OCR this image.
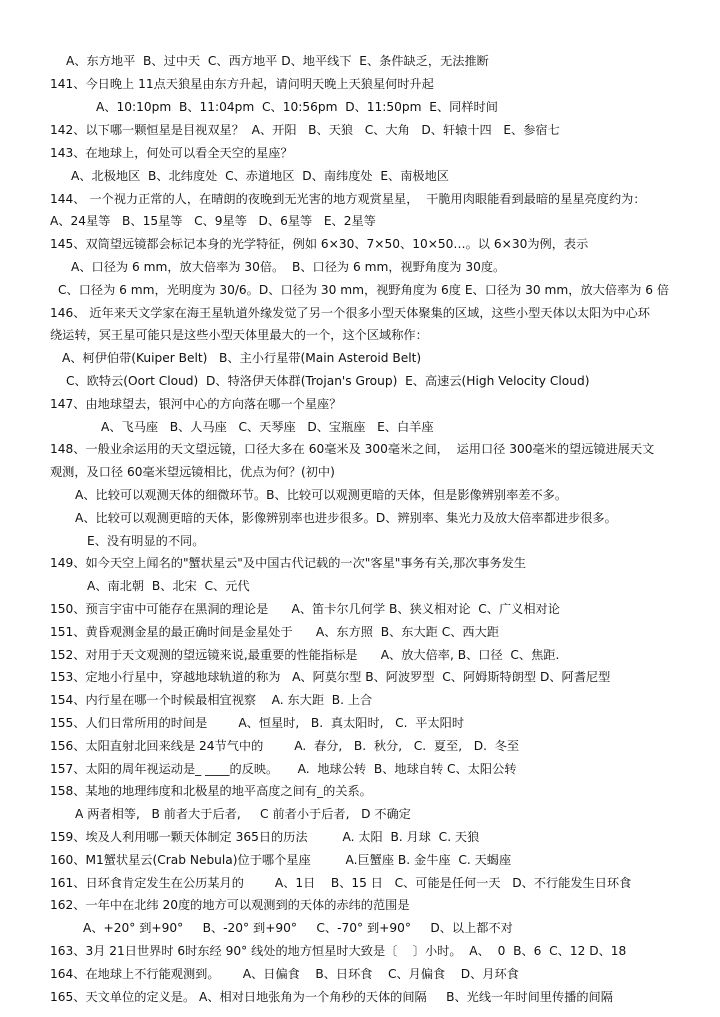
A、东方地平  B、过中天  C、西方地平 D、地平线下  E、条件缺乏，无法推断
141、今日晚上 11点天狼星由东方升起，请问明天晚上天狼星何时升起
A、10:10pm  B、11:04pm  C、10:56pm  D、11:50pm  E、同样时间
142、以下哪一颗恒星是目视双星？  A、开阳   B、天狼   C、大角   D、轩辕十四   E、参宿七
143、在地球上，何处可以看全天空的星座？
A、北极地区  B、北纬度处  C、赤道地区  D、南纬度处  E、南极地区
144、 一个视力正常的人，在晴朗的夜晚到无光害的地方观赏星星，  干脆用肉眼能看到最暗的星星亮度约为：
A、24星等   B、15星等   C、9星等   D、6星等   E、2星等
145、双筒望远镜都会标记本身的光学特征，例如 6×30、7×50、10×50…。以 6×30为例，表示
A、口径为 6 mm，放大倍率为 30倍。  B、口径为 6 mm，视野角度为 30度。
C、口径为 6 mm，光明度为 30/6。D、口径为 30 mm，视野角度为 6度 E、口径为 30 mm，放大倍率为 6 倍
146、 近年来天文学家在海王星轨道外缘发觉了另一个很多小型天体聚集的区域，这些小型天体以太阳为中心环
绕运转，冥王星可能只是这些小型天体里最大的一个，这个区域称作：
A、柯伊伯带(Kuiper Belt)   B、主小行星带(Main Asteroid Belt)
C、欧特云(Oort Cloud)  D、特洛伊天体群(Trojan's Group)  E、高速云(High Velocity Cloud)
147、由地球望去，银河中心的方向落在哪一个星座？
A、飞马座   B、人马座   C、天琴座   D、宝瓶座   E、白羊座
148、一般业余运用的天文望远镜，口径大多在 60毫米及 300毫米之间，  运用口径 300毫米的望远镜进展天文
观测，及口径 60毫米望远镜相比，优点为何？(初中)
A、比较可以观测天体的细微环节。B、比较可以观测更暗的天体，但是影像辨别率差不多。
A、比较可以观测更暗的天体，影像辨别率也进步很多。D、辨别率、集光力及放大倍率都进步很多。
E、没有明显的不同。
149、如今天空上闻名的"蟹状星云"及中国古代记载的一次"客星"事务有关,那次事务发生
A、南北朝  B、北宋  C、元代
150、预言宇宙中可能存在黑洞的理论是      A、笛卡尔几何学 B、狭义相对论  C、广义相对论
151、黄昏观测金星的最正确时间是金星处于      A、东方照  B、东大距 C、西大距
152、对用于天文观测的望远镜来说,最重要的性能指标是      A、放大倍率, B、口径  C、焦距.
153、定地小行星中，穿越地球轨道的称为   A、阿莫尔型 B、阿波罗型  C、阿姆斯特朗型 D、阿耆尼型
154、内行星在哪一个时候最相宜视察    A. 东大距  B. 上合
155、人们日常所用的时间是        A、恒星时,   B.  真太阳时,   C.  平太阳时
156、太阳直射北回来线是 24节气中的        A.  春分,   B.  秋分,   C.  夏至,   D.  冬至
157、太阳的周年视运动是_ ____的反映。     A.  地球公转  B、地球自转 C、太阳公转
158、某地的地理纬度和北极星的地平高度之间有_的关系。
A 两者相等,   B 前者大于后者,     C 前者小于后者,   D 不确定
159、埃及人利用哪一颗天体制定 365日的历法         A. 太阳  B. 月球  C. 天狼
160、M1蟹状星云(Crab Nebula)位于哪个星座         A.巨蟹座 B. 金牛座  C. 天蝎座
161、日环食肯定发生在公历某月的        A、1日    B、15 日   C、可能是任何一天   D、不行能发生日环食
162、一年中在北纬 20度的地方可以观测到的天体的赤纬的范围是
A、+20° 到+90°     B、-20° 到+90°     C、-70° 到+90°     D、以上都不对
163、3月 21日世界时 6时东经 90° 线处的地方恒星时大致是〔    〕小时。  A、  0  B、6  C、12 D、18
164、在地球上不行能观测到。      A、日偏食    B、日环食    C、月偏食    D、月环食
165、天文单位的定义是。 A、相对日地张角为一个角秒的天体的间隔     B、光线一年时间里传播的间隔
